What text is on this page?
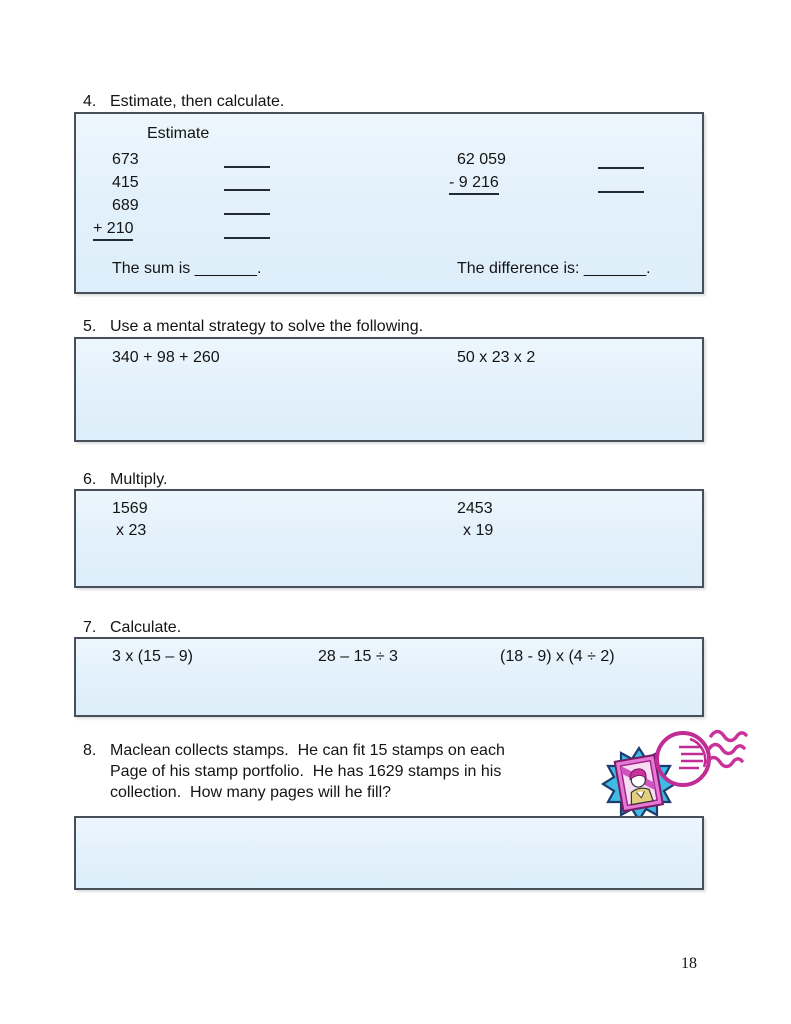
4. Estimate, then calculate.
Estimate
673
415
689
+ 210
62 059
- 9 216
The sum is _______.	The difference is: _______.
5. Use a mental strategy to solve the following.
340 + 98 + 260	50 x 23 x 2
6. Multiply.
1569
x 23
2453
x 19
7. Calculate.
3 x (15 – 9)	28 – 15 ÷ 3	(18 - 9) x (4 ÷ 2)
8. Maclean collects stamps.  He can fit 15 stamps on each
Page of his stamp portfolio.  He has 1629 stamps in his
collection.  How many pages will he fill?
18
